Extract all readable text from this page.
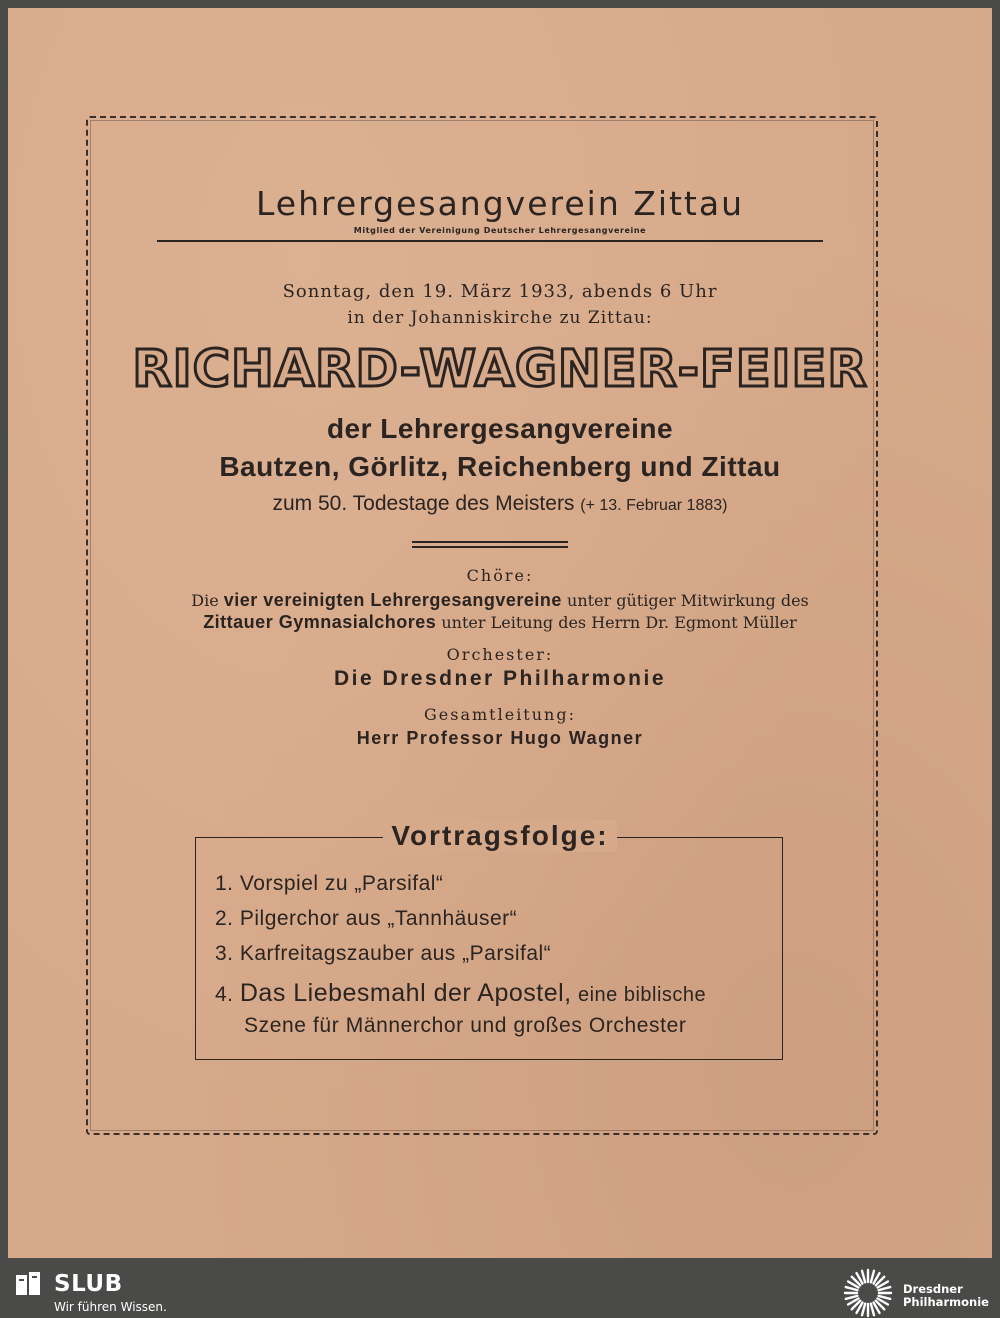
Lehrergesangverein Zittau
Mitglied der Vereinigung Deutscher Lehrergesangvereine
Sonntag, den 19. März 1933, abends 6 Uhr
in der Johanniskirche zu Zittau:
RICHARD-WAGNER-FEIER
der Lehrergesangvereine
Bautzen, Görlitz, Reichenberg und Zittau
zum 50. Todestage des Meisters (+ 13. Februar 1883)
Chöre:
Die vier vereinigten Lehrergesangvereine unter gütiger Mitwirkung des
Zittauer Gymnasialchores unter Leitung des Herrn Dr. Egmont Müller
Orchester:
Die Dresdner Philharmonie
Gesamtleitung:
Herr Professor Hugo Wagner
Vortragsfolge:
1. Vorspiel zu „Parsifal“
2. Pilgerchor aus „Tannhäuser“
3. Karfreitagszauber aus „Parsifal“
4. Das Liebesmahl der Apostel, eine biblische
Szene für Männerchor und großes Orchester
SLUB
Wir führen Wissen.
Dresdner
Philharmonie
